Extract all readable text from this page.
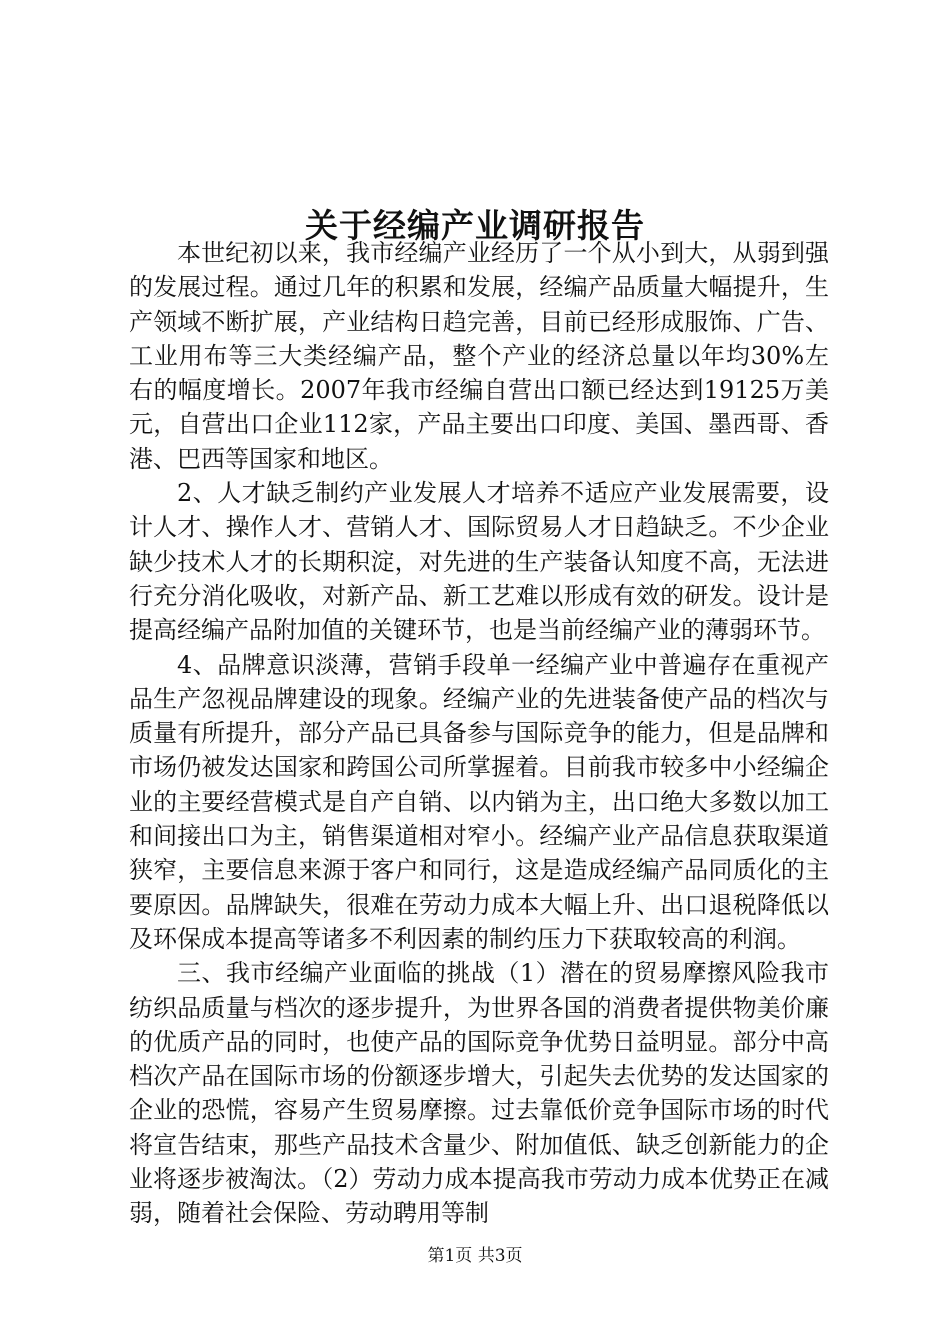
关于经编产业调研报告

本世纪初以来，我市经编产业经历了一个从小到大，从弱到强的发展过程。通过几年的积累和发展，经编产品质量大幅提升，生产领域不断扩展，产业结构日趋完善，目前已经形成服饰、广告、工业用布等三大类经编产品，整个产业的经济总量以年均30%左右的幅度增长。2007年我市经编自营出口额已经达到19125万美元，自营出口企业112家，产品主要出口印度、美国、墨西哥、香港、巴西等国家和地区。

2、人才缺乏制约产业发展人才培养不适应产业发展需要，设计人才、操作人才、营销人才、国际贸易人才日趋缺乏。不少企业缺少技术人才的长期积淀，对先进的生产装备认知度不高，无法进行充分消化吸收，对新产品、新工艺难以形成有效的研发。设计是提高经编产品附加值的关键环节，也是当前经编产业的薄弱环节。

4、品牌意识淡薄，营销手段单一经编产业中普遍存在重视产品生产忽视品牌建设的现象。经编产业的先进装备使产品的档次与质量有所提升，部分产品已具备参与国际竞争的能力，但是品牌和市场仍被发达国家和跨国公司所掌握着。目前我市较多中小经编企业的主要经营模式是自产自销、以内销为主，出口绝大多数以加工和间接出口为主，销售渠道相对窄小。经编产业产品信息获取渠道狭窄，主要信息来源于客户和同行，这是造成经编产品同质化的主要原因。品牌缺失，很难在劳动力成本大幅上升、出口退税降低以及环保成本提高等诸多不利因素的制约压力下获取较高的利润。

三、我市经编产业面临的挑战（1）潜在的贸易摩擦风险我市纺织品质量与档次的逐步提升，为世界各国的消费者提供物美价廉的优质产品的同时，也使产品的国际竞争优势日益明显。部分中高档次产品在国际市场的份额逐步增大，引起失去优势的发达国家的企业的恐慌，容易产生贸易摩擦。过去靠低价竞争国际市场的时代将宣告结束，那些产品技术含量少、附加值低、缺乏创新能力的企业将逐步被淘汰。（2）劳动力成本提高我市劳动力成本优势正在减弱，随着社会保险、劳动聘用等制

第1页 共3页
